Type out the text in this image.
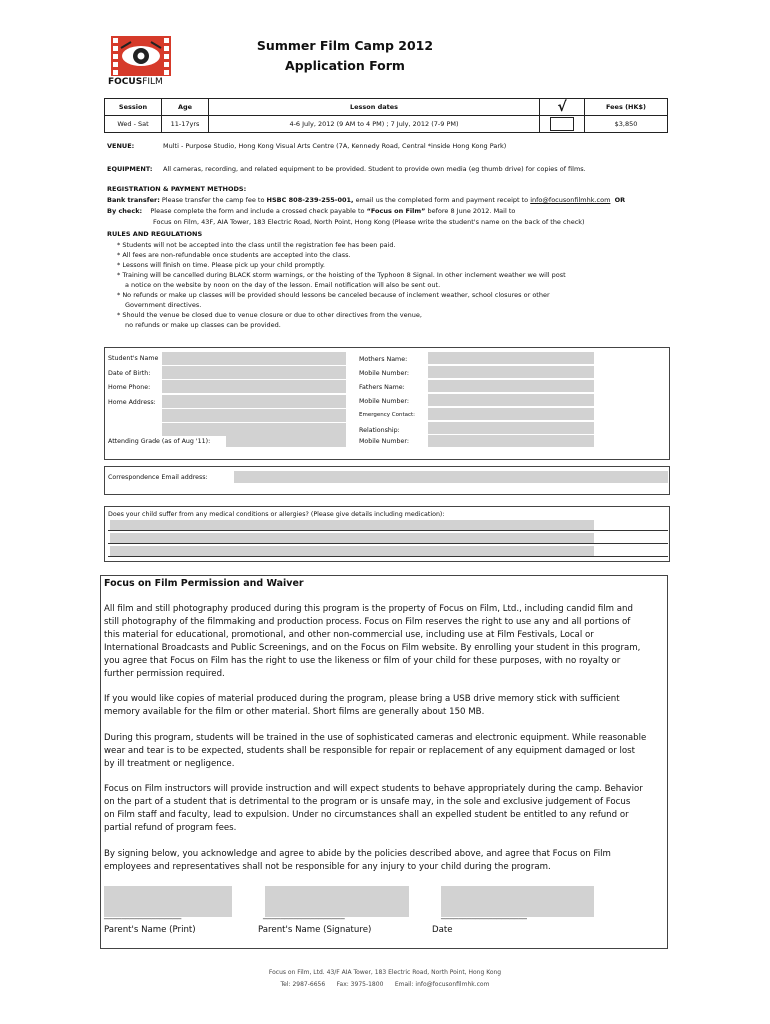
FOCUSFILM
Summer Film Camp 2012
Application Form
Session	Age	Lesson dates	√	Fees (HK$)
Wed - Sat	11-17yrs	4-6 July, 2012 (9 AM to 4 PM) ; 7 July, 2012 (7-9 PM)		$3,850
VENUE:	Multi - Purpose Studio, Hong Kong Visual Arts Centre (7A, Kennedy Road, Central *inside Hong Kong Park)
EQUIPMENT: All cameras, recording, and related equipment to be provided. Student to provide own media (eg thumb drive) for copies of films.
REGISTRATION & PAYMENT METHODS:
Bank transfer: Please transfer the camp fee to HSBC 808-239-255-001, email us the completed form and payment receipt to info@focusonfilmhk.com OR
By check: Please complete the form and include a crossed check payable to “Focus on Film” before 8 June 2012. Mail to
Focus on Film, 43F, AIA Tower, 183 Electric Road, North Point, Hong Kong (Please write the student's name on the back of the check)
RULES AND REGULATIONS
* Students will not be accepted into the class until the registration fee has been paid.
* All fees are non-refundable once students are accepted into the class.
* Lessons will finish on time. Please pick up your child promptly.
* Training will be cancelled during BLACK storm warnings, or the hoisting of the Typhoon 8 Signal. In other inclement weather we will post
a notice on the website by noon on the day of the lesson. Email notification will also be sent out.
* No refunds or make up classes will be provided should lessons be canceled because of inclement weather, school closures or other
Government directives.
* Should the venue be closed due to venue closure or due to other directives from the venue,
no refunds or make up classes can be provided.
Student's Name
Date of Birth:
Home Phone:
Home Address:
Attending Grade (as of Aug '11):
Mothers Name:
Mobile Number:
Fathers Name:
Mobile Number:
Emergency Contact:
Relationship:
Mobile Number:
Correspondence Email address:
Does your child suffer from any medical conditions or allergies? (Please give details including medication):
Focus on Film Permission and Waiver
All film and still photography produced during this program is the property of Focus on Film, Ltd., including candid film and
still photography of the filmmaking and production process. Focus on Film reserves the right to use any and all portions of
this material for educational, promotional, and other non-commercial use, including use at Film Festivals, Local or
International Broadcasts and Public Screenings, and on the Focus on Film website. By enrolling your student in this program,
you agree that Focus on Film has the right to use the likeness or film of your child for these purposes, with no royalty or
further permission required.
If you would like copies of material produced during the program, please bring a USB drive memory stick with sufficient
memory available for the film or other material. Short films are generally about 150 MB.
During this program, students will be trained in the use of sophisticated cameras and electronic equipment. While reasonable
wear and tear is to be expected, students shall be responsible for repair or replacement of any equipment damaged or lost
by ill treatment or negligence.
Focus on Film instructors will provide instruction and will expect students to behave appropriately during the camp. Behavior
on the part of a student that is detrimental to the program or is unsafe may, in the sole and exclusive judgement of Focus
on Film staff and faculty, lead to expulsion. Under no circumstances shall an expelled student be entitled to any refund or
partial refund of program fees.
By signing below, you acknowledge and agree to abide by the policies described above, and agree that Focus on Film
employees and representatives shall not be responsible for any injury to your child during the program.
__________________	___________________	____________________
Parent's Name (Print)	Parent's Name (Signature)	Date
Focus on Film, Ltd. 43/F AIA Tower, 183 Electric Road, North Point, Hong Kong
Tel: 2987-6656 Fax: 3975-1800 Email: info@focusonfilmhk.com
